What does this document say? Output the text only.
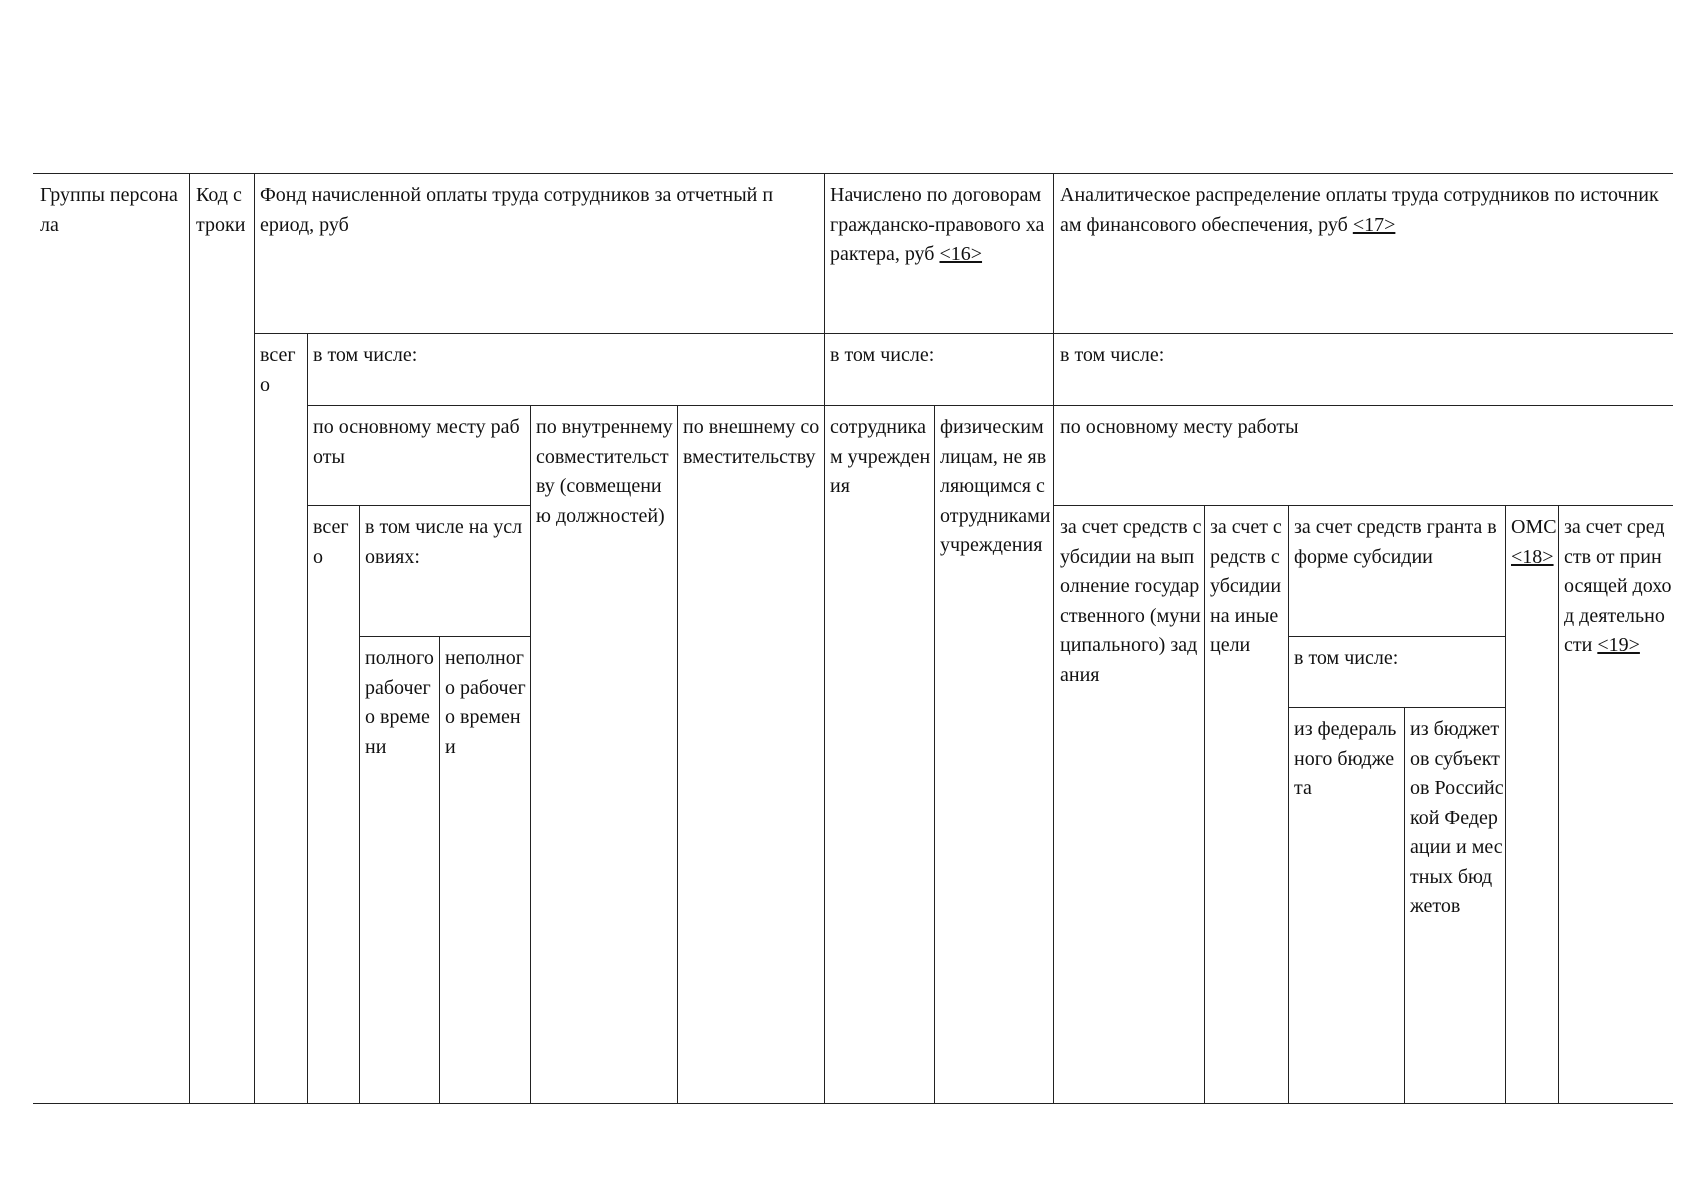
Группы персонала
Код строки
Фонд начисленной оплаты труда сотрудников за отчетный период, руб
Начислено по договорам гражданско-правового характера, руб <16>
Аналитическое распределение оплаты труда сотрудников по источникам финансового обеспечения, руб <17>
всего
в том числе:	в том числе:	в том числе:
по основному месту работы
по внутреннему совместительству (совмещению должностей)
по внешнему совместительству
сотрудникам учреждения
физическим лицам, не являющимся сотрудниками учреждения
по основному месту работы
всего
в том числе на условиях:
за счет средств субсидии на выполнение государственного (муниципального) задания
за счет средств субсидии на иные цели
за счет средств гранта в форме субсидии
ОМС<18>
за счет средств от приносящей доход деятельности <19>
полного рабочего времени
неполного рабочего времени
в том числе:
из федерального бюджета
из бюджетов субъектов Российской Федерации и местных бюджетов
